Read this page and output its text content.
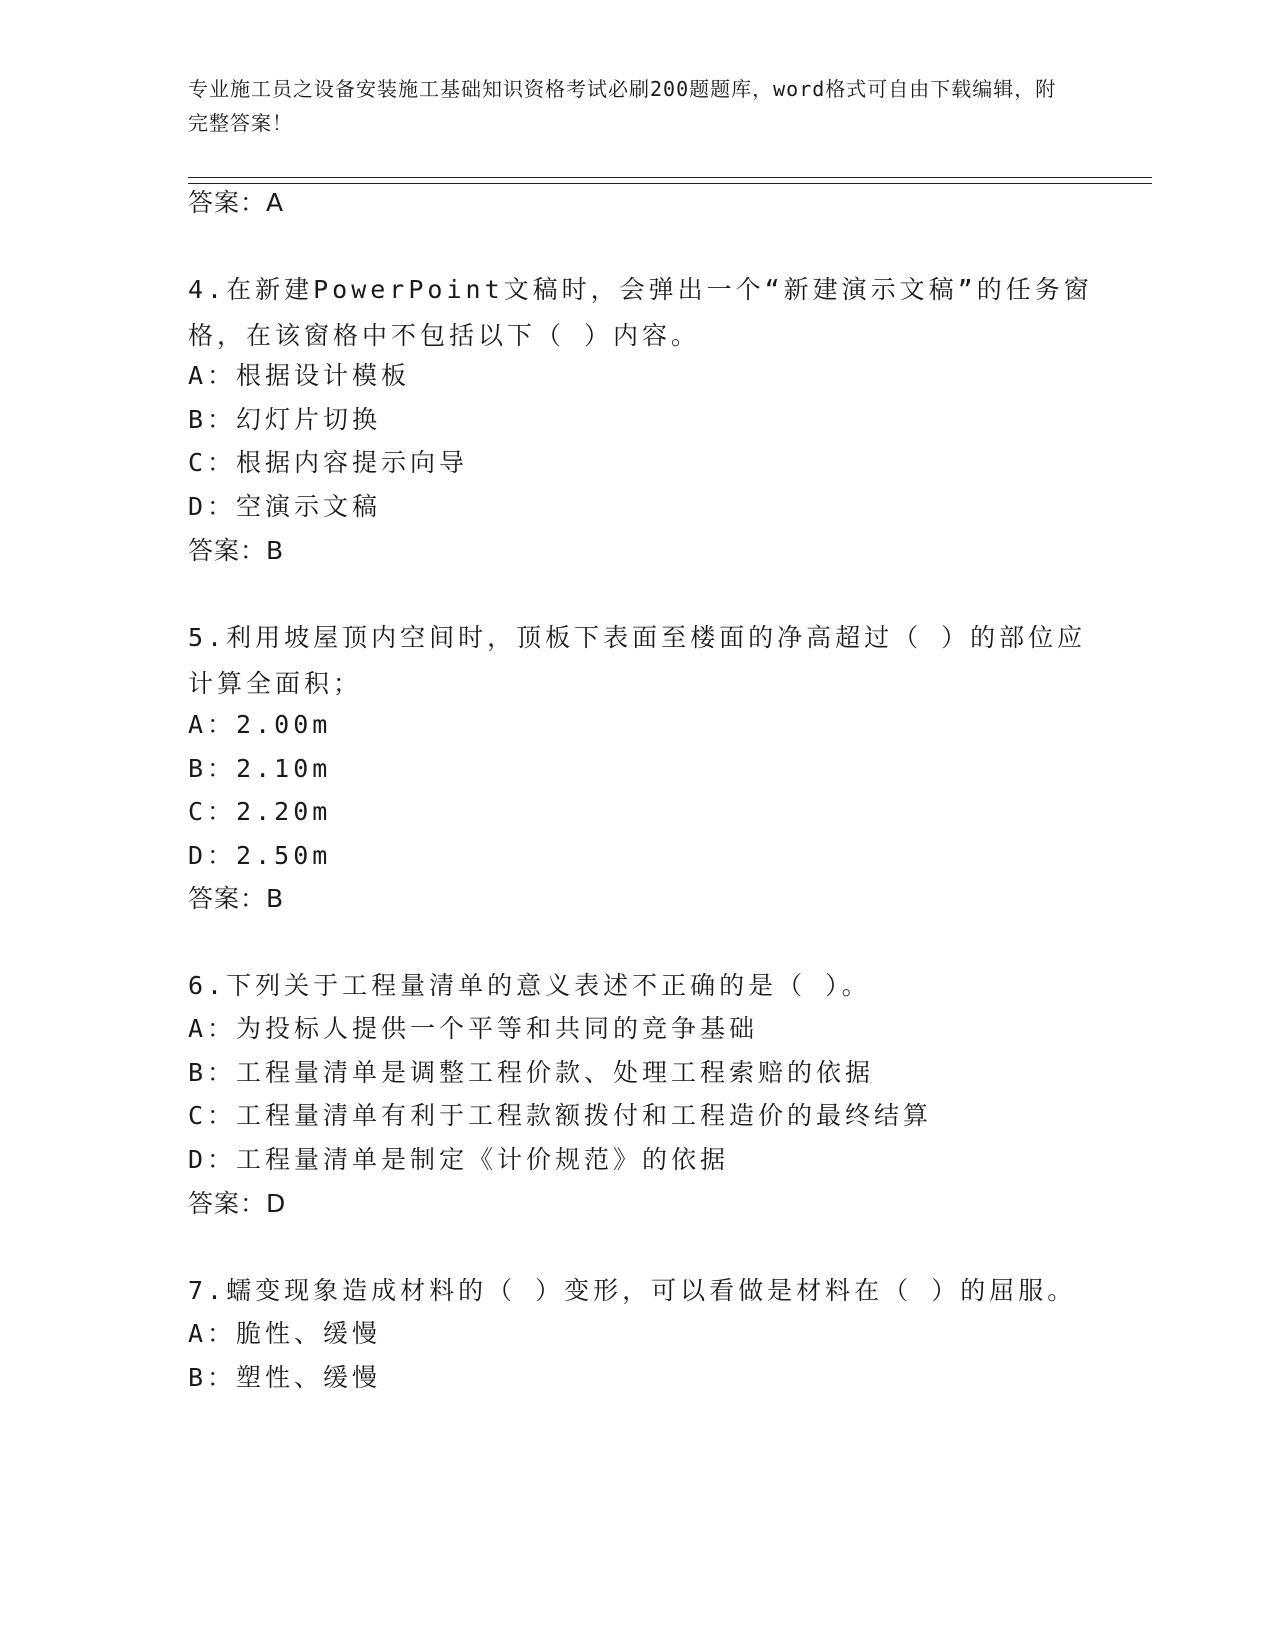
专业施工员之设备安装施工基础知识资格考试必刷200题题库，word格式可自由下载编辑，附完整答案！
答案：A
4.在新建PowerPoint文稿时，会弹出一个“新建演示文稿”的任务窗
格，在该窗格中不包括以下（ ）内容。
A：根据设计模板
B：幻灯片切换
C：根据内容提示向导
D：空演示文稿
答案：B
5.利用坡屋顶内空间时，顶板下表面至楼面的净高超过（ ）的部位应
计算全面积；
A：2.00m
B：2.10m
C：2.20m
D：2.50m
答案：B
6.下列关于工程量清单的意义表述不正确的是（ ）。
A：为投标人提供一个平等和共同的竞争基础
B：工程量清单是调整工程价款、处理工程索赔的依据
C：工程量清单有利于工程款额拨付和工程造价的最终结算
D：工程量清单是制定《计价规范》的依据
答案：D
7.蠕变现象造成材料的（ ）变形，可以看做是材料在（ ）的屈服。
A：脆性、缓慢
B：塑性、缓慢
